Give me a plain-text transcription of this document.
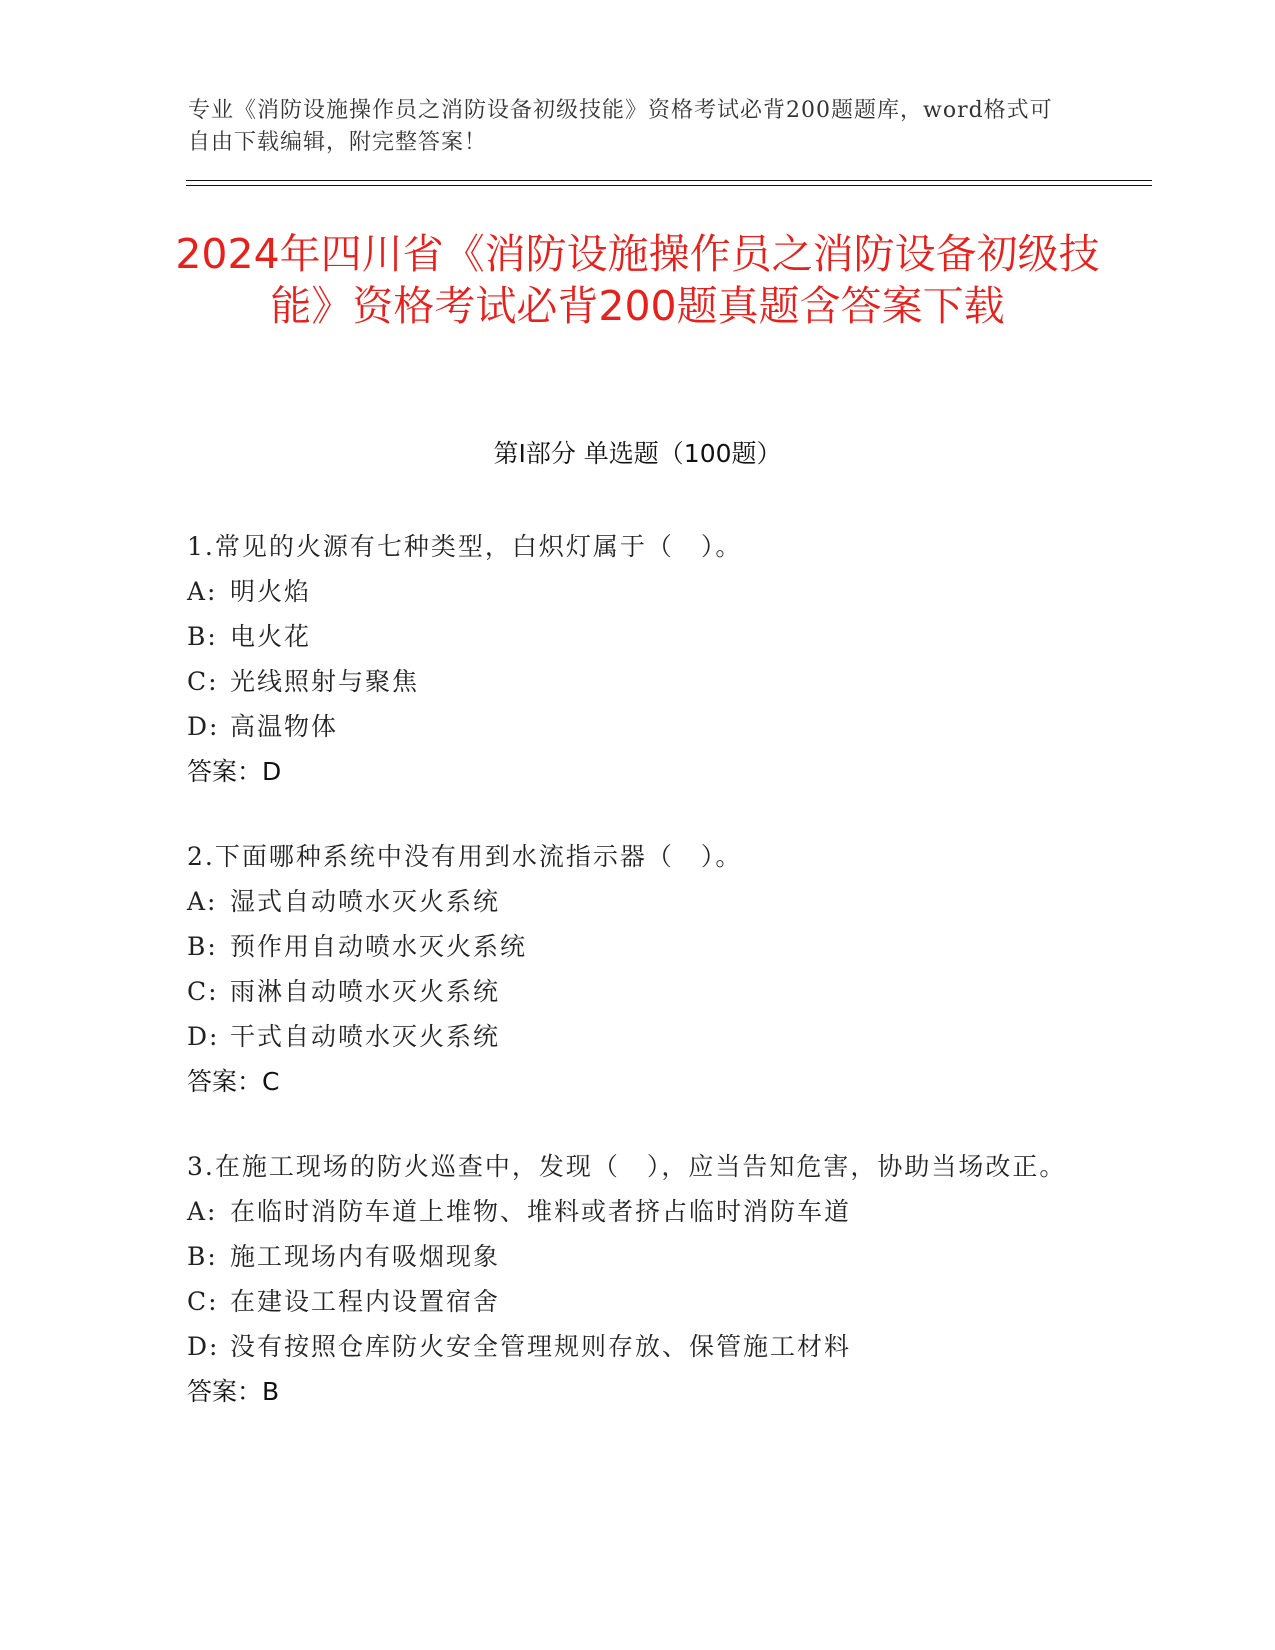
专业《消防设施操作员之消防设备初级技能》资格考试必背200题题库，word格式可自由下载编辑，附完整答案！

2024年四川省《消防设施操作员之消防设备初级技能》资格考试必背200题真题含答案下载
第I部分 单选题（100题）

1.常见的火源有七种类型，白炽灯属于（　）。

A: 明火焰

B: 电火花

C: 光线照射与聚焦

D: 高温物体

答案：D

2.下面哪种系统中没有用到水流指示器（　）。

A: 湿式自动喷水灭火系统

B: 预作用自动喷水灭火系统

C: 雨淋自动喷水灭火系统

D: 干式自动喷水灭火系统

答案：C

3.在施工现场的防火巡查中，发现（　），应当告知危害，协助当场改正。

A: 在临时消防车道上堆物、堆料或者挤占临时消防车道

B: 施工现场内有吸烟现象

C: 在建设工程内设置宿舍

D: 没有按照仓库防火安全管理规则存放、保管施工材料

答案：B
